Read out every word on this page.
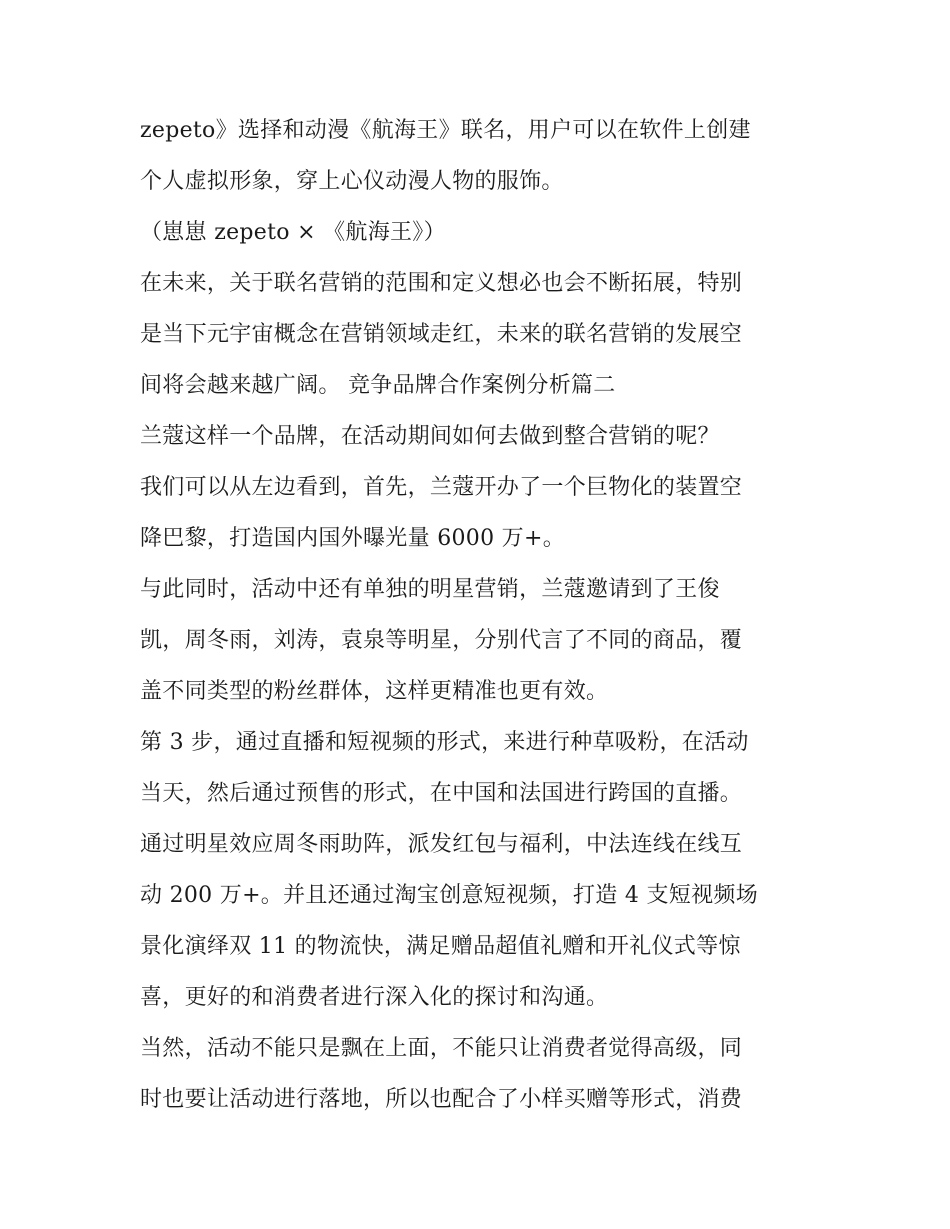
zepeto》选择和动漫《航海王》联名，用户可以在软件上创建
个人虚拟形象，穿上心仪动漫人物的服饰。
（崽崽 zepeto × 《航海王》）
在未来，关于联名营销的范围和定义想必也会不断拓展，特别
是当下元宇宙概念在营销领域走红，未来的联名营销的发展空
间将会越来越广阔。 竞争品牌合作案例分析篇二
兰蔻这样一个品牌，在活动期间如何去做到整合营销的呢？
我们可以从左边看到，首先，兰蔻开办了一个巨物化的装置空
降巴黎，打造国内国外曝光量 6000 万+。
与此同时，活动中还有单独的明星营销，兰蔻邀请到了王俊
凯，周冬雨，刘涛，袁泉等明星，分别代言了不同的商品，覆
盖不同类型的粉丝群体，这样更精准也更有效。
第 3 步，通过直播和短视频的形式，来进行种草吸粉，在活动
当天，然后通过预售的形式，在中国和法国进行跨国的直播。
通过明星效应周冬雨助阵，派发红包与福利，中法连线在线互
动 200 万+。并且还通过淘宝创意短视频，打造 4 支短视频场
景化演绎双 11 的物流快，满足赠品超值礼赠和开礼仪式等惊
喜，更好的和消费者进行深入化的探讨和沟通。
当然，活动不能只是飘在上面，不能只让消费者觉得高级，同
时也要让活动进行落地，所以也配合了小样买赠等形式，消费
